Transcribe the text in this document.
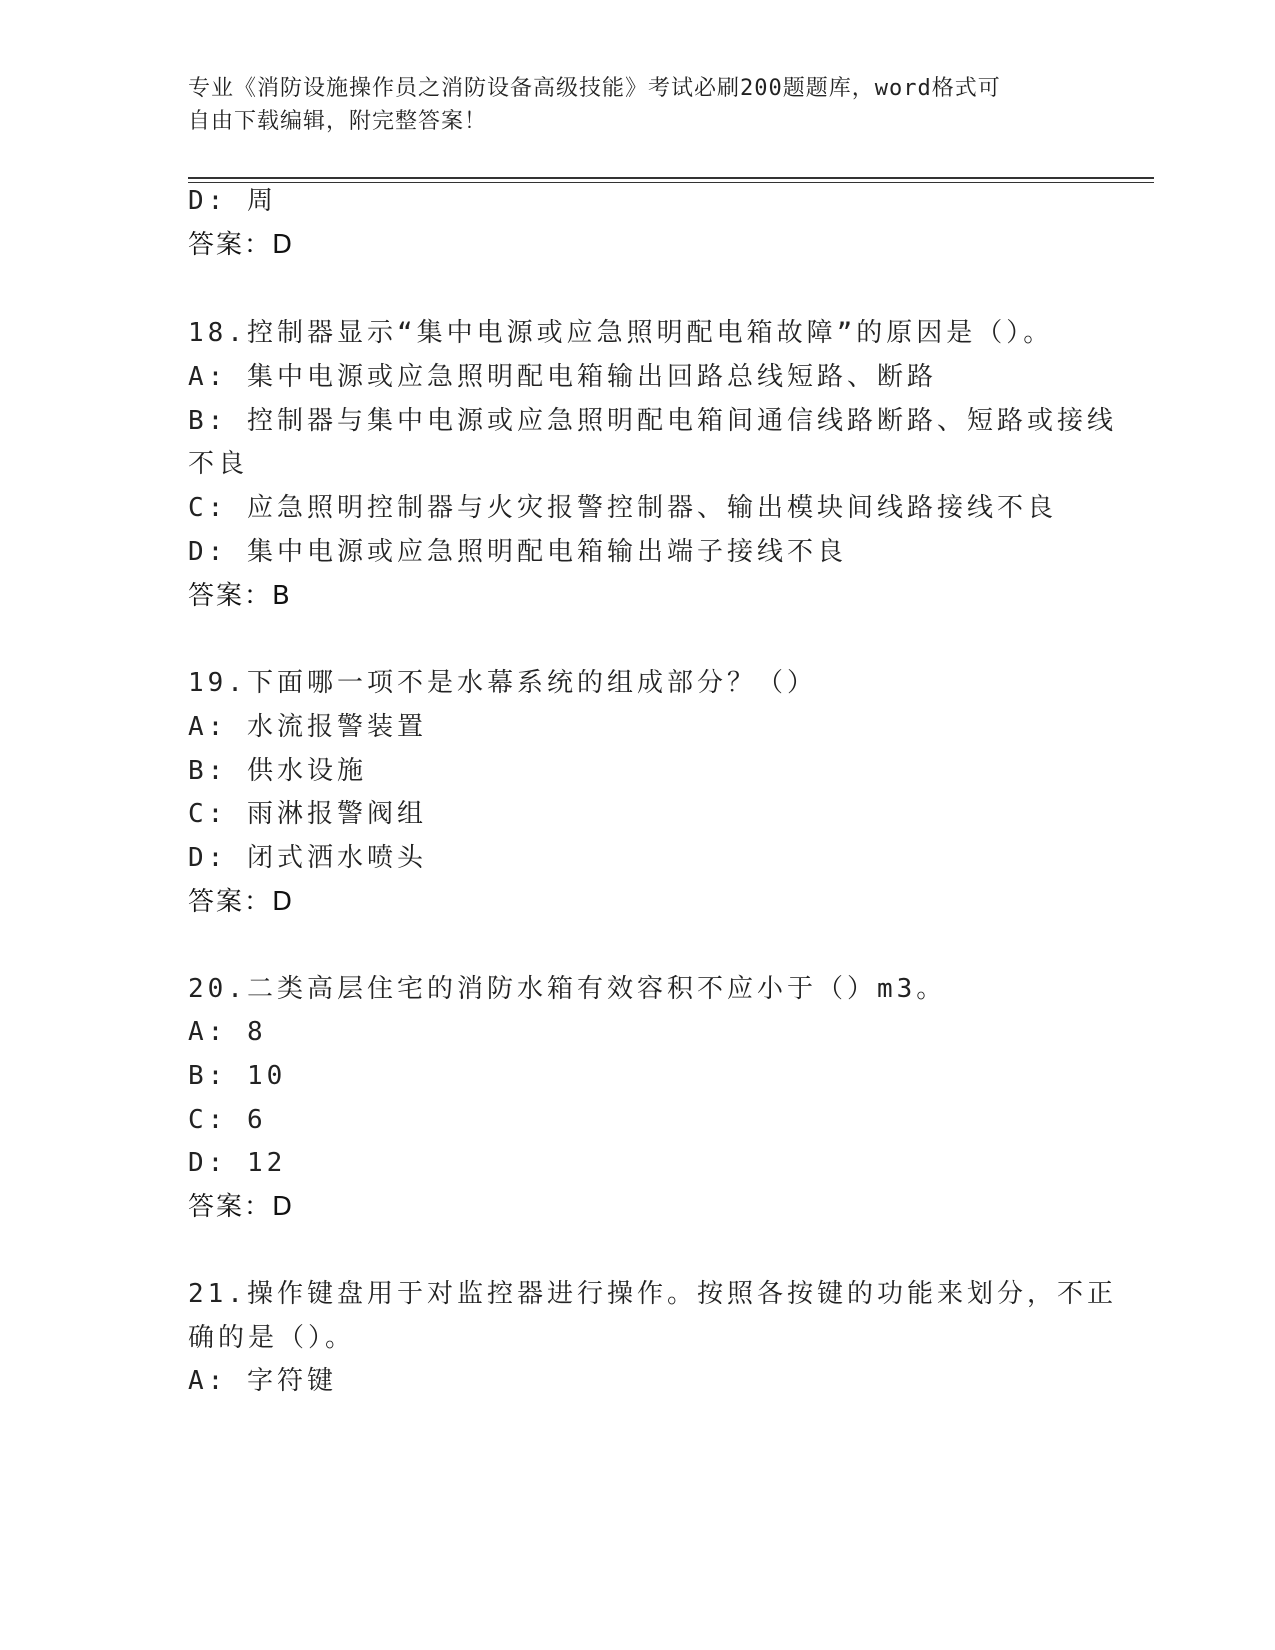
专业《消防设施操作员之消防设备高级技能》考试必刷200题题库，word格式可
自由下载编辑，附完整答案！
D: 周
答案：D
18.控制器显示“集中电源或应急照明配电箱故障”的原因是（）。
A: 集中电源或应急照明配电箱输出回路总线短路、断路
B: 控制器与集中电源或应急照明配电箱间通信线路断路、短路或接线
不良
C: 应急照明控制器与火灾报警控制器、输出模块间线路接线不良
D: 集中电源或应急照明配电箱输出端子接线不良
答案：B
19.下面哪一项不是水幕系统的组成部分？（）
A: 水流报警装置
B: 供水设施
C: 雨淋报警阀组
D: 闭式洒水喷头
答案：D
20.二类高层住宅的消防水箱有效容积不应小于（）m3。
A: 8
B: 10
C: 6
D: 12
答案：D
21.操作键盘用于对监控器进行操作。按照各按键的功能来划分，不正
确的是（）。
A: 字符键
